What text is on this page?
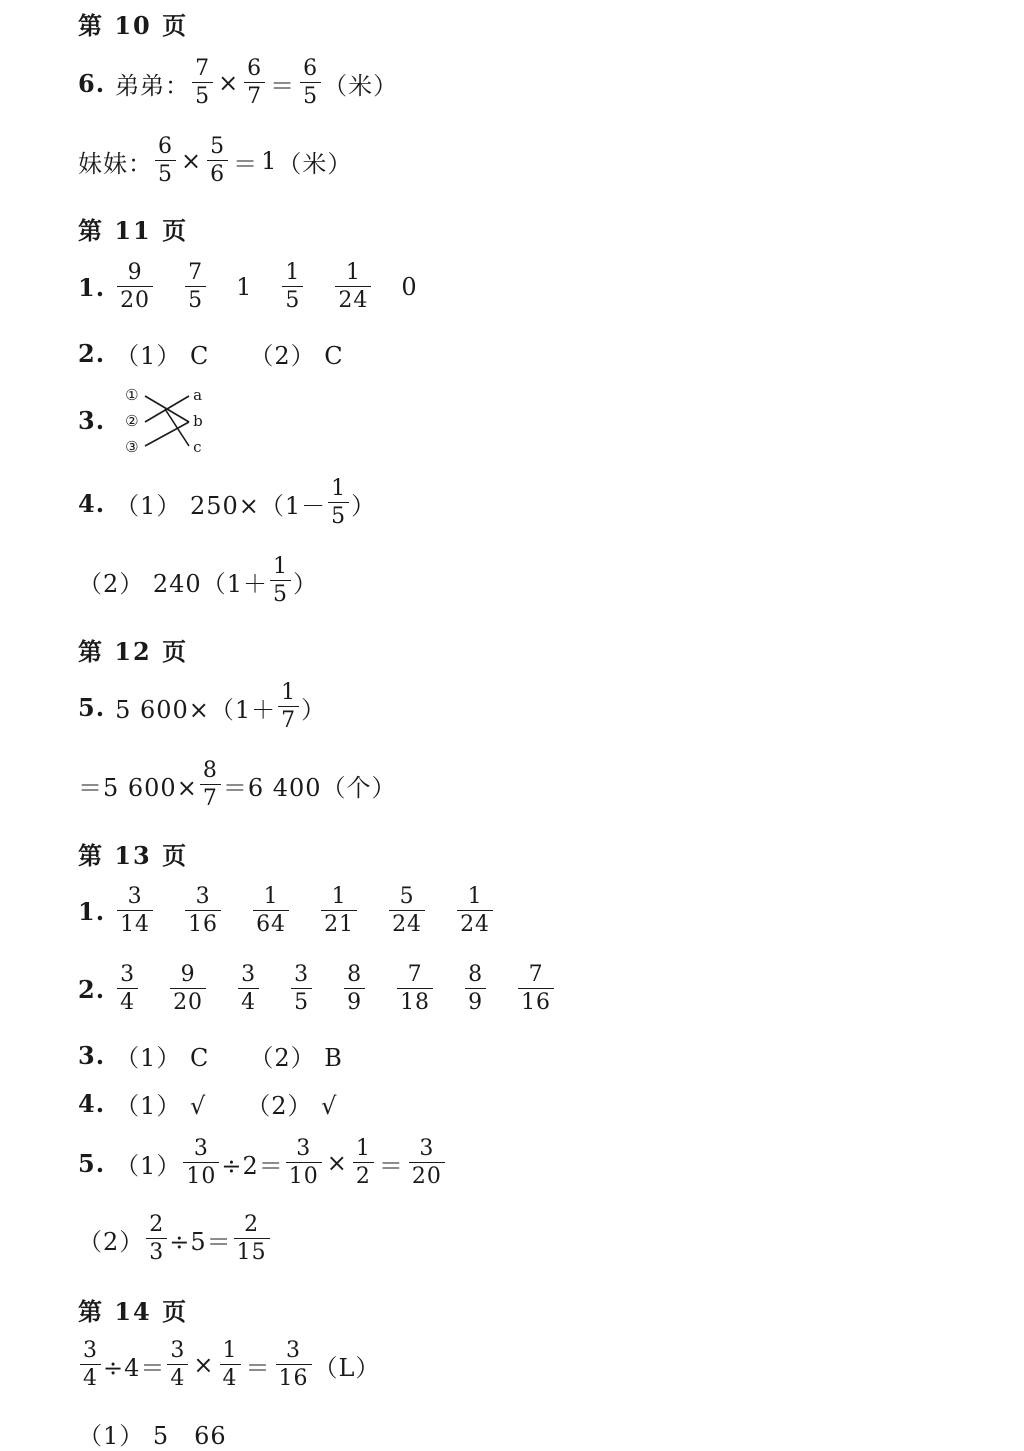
第 10 页
6. 弟弟： $\frac{7}{5} \times \frac{6}{7} = \frac{6}{5}$ （米）
妹妹： $\frac{6}{5} \times \frac{5}{6} = 1$ （米）
第 11 页
1. $\frac{9}{20} \frac{7}{5} 1 \frac{1}{5} \frac{1}{24} 0$
2. （1） C （2） C
3.
①
②
③
a
b
c
4. （1） $250\times(1- \frac{1}{5}$ ）
（2） $240(1+ \frac{1}{5}$ ）
第 12 页
5. 5 $600\times(1+ \frac{1}{7}$ ）
＝5 $600\times \frac{8}{7} =6$ 400（个）
第 13 页
1. $\frac{3}{14} \frac{3}{16} \frac{1}{64} \frac{1}{21} \frac{5}{24} \frac{1}{24}$
2. $\frac{3}{4} \frac{9}{20} \frac{3}{4} \frac{3}{5} \frac{8}{9} \frac{7}{18} \frac{8}{9} \frac{7}{16}$
3. （1） C （2） B
4. （1） √ （2） √
5. $(1) \frac{3}{10} \div 2= \frac{3}{10} \times \frac{1}{2} = \frac{3}{20}$
$(2) \frac{2}{3} \div 5= \frac{2}{15}$
第 14 页
$\frac{3}{4} \div 4= \frac{3}{4} \times \frac{1}{4} = \frac{3}{16} (L)$
（1） 5　66
